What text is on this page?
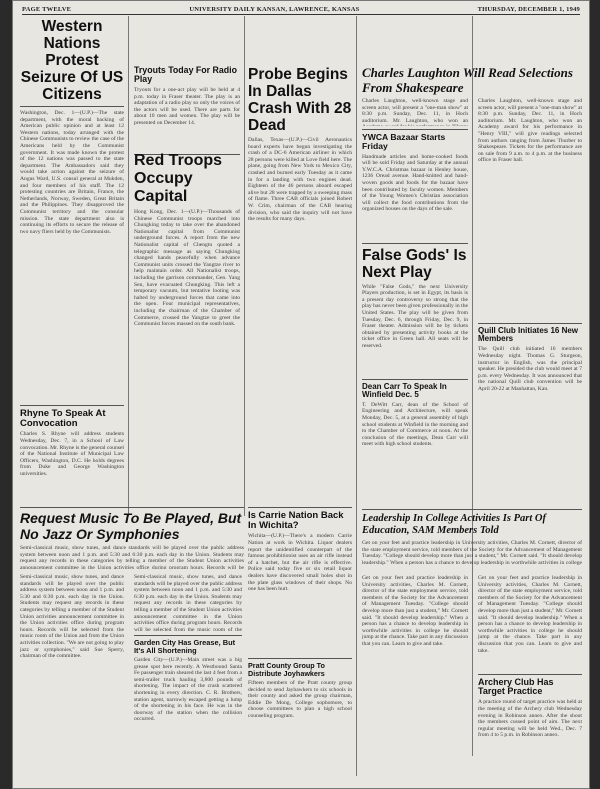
PAGE TWELVE	UNIVERSITY DAILY KANSAN, LAWRENCE, KANSAS	THURSDAY, DECEMBER 1, 1949
Western Nations Protest Seizure Of US Citizens

Washington, Dec. 1—(U.P.)—The state department, with the moral backing of American public opinion and at least 12 Western nations, today arranged with the Chinese Communists to review the case of the Americans held by the Communist government. It was made known the protest of the 12 nations was passed to the state department. The Ambassadors said they would take action against the seizure of Angus Ward, U.S. consul general at Mukden, and four members of his staff. The 12 protesting countries are Britain, France, the Netherlands, Norway, Sweden, Great Britain and the Philippines. They disapproved the Communist territory and the consular mission. The state department also is continuing its efforts to secure the release of two navy fliers held by the Communists.

Rhyne To Speak At Convocation

Charles S. Rhyne will address students Wednesday, Dec. 7, in a School of Law convocation. Mr. Rhyne is the general counsel of the National Institute of Municipal Law Officers, Washington, D.C. He holds degrees from Duke and George Washington universities.

Tryouts Today For Radio Play

Tryouts for a one-act play will be held at 4 p.m. today in Fraser theater. The play is an adaptation of a radio play so only the voices of the actors will be used. There are parts for about 10 men and women. The play will be presented on December 14.

Red Troops Occupy Capital

Hong Kong, Dec. 1—(U.P.)—Thousands of Chinese Communist troops marched into Chungking today to take over the abandoned Nationalist capital from Communist underground forces. A report from the new Nationalist capital of Chengtu quoted a telegraphic message as saying Chungking changed hands peacefully when advance Communist units crossed the Yangtze river to help maintain order. All Nationalist troops, including the garrison commander, Gen. Yang Sen, have evacuated Chungking. This left a temporary vacuum, but tentative looting was halted by underground forces that came into the open. Four municipal representatives, including the chairman of the Chamber of Commerce, crossed the Yangtze to greet the Communist forces massed on the south bank.

Probe Begins In Dallas Crash With 28 Dead

Dallas, Texas—(U.P.)—Civil Aeronautics board experts have begun investigating the crash of a DC-6 American airliner in which 28 persons were killed at Love field here. The plane, going from New York to Mexico City, crashed and burned early Tuesday as it came in for a landing with two engines dead. Eighteen of the 46 persons aboard escaped alive but 28 were trapped by a sweeping mass of flame. Three CAB officials joined Robert W. Crim, chairman of the CAB hearing division, who said the inquiry will not have the results for many days.

Is Carrie Nation Back In Wichita?

Wichita—(U.P.)—There's a modern Carrie Nation at work in Wichita. Liquor dealers report the unidentified counterpart of the famous prohibitionist uses an air rifle instead of a hatchet, but the air rifle is effective. Police said today five or six retail liquor dealers have discovered small holes shot in the plate glass windows of their shops. No one has been hurt.

Pratt County Group To Distribute Joyhawkers

Fifteen members of the Pratt county group decided to send Jayhawkers to six schools in their county and asked the group chairman, Eddie De Mong, College sophomore, to choose committees to plan a high school counseling program.

Charles Laughton Will Read Selections From Shakespeare

Charles Laughton, well-known stage and screen actor, will present a "one-man show" at 8:30 p.m. Sunday, Dec. 11, in Hoch auditorium. Mr. Laughton, who won an

YWCA Bazaar Starts Friday

Handmade articles and home-cooked foods will be sold Friday and Saturday at the annual Y.W.C.A. Christmas bazaar in Henley house, 1236 Oread avenue. Hand-knitted and hand-woven goods and foods for the bazaar have been contributed by faculty women. Members of the Young Women's Christian association will collect the food contributions from the organized houses on the days of the sale.

False Gods' Is Next Play

While "False Gods," the next University Players production, is set in Egypt, its basis is a present day controversy so strong that the play has never been given professionally in the United States. The play will be given from Tuesday, Dec. 6, through Friday, Dec. 9, in Fraser theater. Admission will be by tickets obtained by presenting activity books at the ticket office in Green hall. All seats will be reserved.

Dean Carr To Speak In Winfield Dec. 5

T. DeWitt Carr, dean of the School of Engineering and Architecture, will speak Monday, Dec. 5, at a general assembly of high school students at Winfield in the morning and to the Chamber of Commerce at noon. At the conclusion of the meetings, Dean Carr will meet with high school students.

Charles Laughton, well-known stage and screen actor, will present a "one-man show" at 8:30 p.m. Sunday, Dec. 11, in Hoch auditorium. Mr. Laughton, who won an Academy award for his performance in "Henry VIII," will give readings selected from authors ranging from James Thurber to Shakespeare. Tickets for the performance are on sale from 9 a.m. to 4 p.m. at the business office in Fraser hall.

Quill Club Initiates 16 New Members

The Quill club initiated 16 members Wednesday night. Thomas G. Sturgeon, instructor in English, was the principal speaker. He presided the club would meet at 7 p.m. every Wednesday. It was announced that the national Quill club convention will be April 20-22 at Manhattan, Kan.

Leadership In College Activities Is Part Of Education, SAM Members Told

Get on your feet and practice leadership in University activities, Charles M. Cornett, director of the state employment service, told members of the Society for the Advancement of Management Tuesday. "College should develop more than just a student," Mr. Cornett said. "It should develop leadership." When a person has a chance to develop leadership in worthwhile activities in college

Get on your feet and practice leadership in University activities, Charles M. Cornett, director of the state employment service, told members of the Society for the Advancement of Management Tuesday. "College should develop more than just a student," Mr. Cornett said. "It should develop leadership." When a person has a chance to develop leadership in worthwhile activities in college he should jump at the chance. Take part in any discussion that you can. Learn to give and take.

Get on your feet and practice leadership in University activities, Charles M. Cornett, director of the state employment service, told members of the Society for the Advancement of Management Tuesday. "College should develop more than just a student," Mr. Cornett said. "It should develop leadership." When a person has a chance to develop leadership in worthwhile activities in college he should jump at the chance. Take part in any discussion that you can. Learn to give and take.

Archery Club Has Target Practice

A practice round of target practice was held at the meeting of the Archery club Wednesday evening in Robinson annex. After the shoot the members cussed point of aim. The next regular meeting will be held Wed., Dec. 7 from 4 to 5 p.m. in Robinson annex.

Request Music To Be Played, But No Jazz Or Symphonies

Semi-classical music, show tunes, and dance standards will be played over the public address system between noon and 1 p.m. and 5:30 and 6:30 p.m. each day in the Union. Students may request any records in these categories by telling a member of the Student Union activities announcement committee in the Union activities office during program hours. Records will be

Semi-classical music, show tunes, and dance standards will be played over the public address system between noon and 1 p.m. and 5:30 and 6:30 p.m. each day in the Union. Students may request any records in these categories by telling a member of the Student Union activities announcement committee in the Union activities office during program hours. Records will be selected from the music room of the Union and from the Union activities collection. "We are not going to play jazz or symphonies," said Sue Sperry, chairman of the committee.

Semi-classical music, show tunes, and dance standards will be played over the public address system between noon and 1 p.m. and 5:30 and 6:30 p.m. each day in the Union. Students may request any records in these categories by telling a member of the Student Union activities announcement committee in the Union activities office during program hours. Records will be selected from the music room of the

Garden City Has Grease, But It's All Shortening

Garden City—(U.P.)—Main street was a big grease spot here recently. A Westbound Santa Fe passenger train sheared the last 4 feet from a semi-trailer truck hauling 3,800 pounds of shortening. The impact of the crash scattered shortening in every direction. C. R. Brothers, station agent, narrowly escaped getting a lump of the shortening in his face. He was in the doorway of the station when the collision occurred.
